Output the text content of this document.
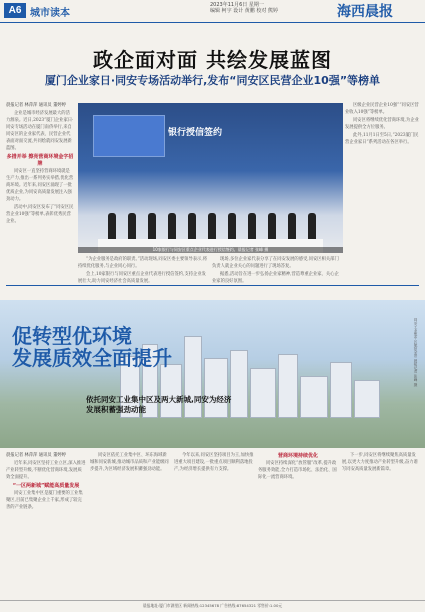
A6 城市读本
2023年11月6日 星期一
编辑 柯宇 设计 黄鹏 校对 熊婷	海西晨报
政企面对面 共绘发展蓝图
厦门企业家日·同安专场活动举行,发布“同安区民营企业10强”等榜单

晨报记者 林萍萍 通讯员 董婷婷

企业是城市经济发展最大的活力源泉。近日,2023“厦门企业家日·同安专场活动在厦门南侨举行,来自同安区的企业家代表、民营企业代表面对面交流,共同绘就同安发展新蓝图。

多措并举 擦亮营商环境金字招牌

同安区一直坚持营商环境就是生产力,推出一系列务实举措,优化营商环境。近年来,同安区涌现了一批优质企业,为同安高质量发展注入强劲动力。

活动中,同安区发布了“同安区民营企业10强”等榜单,表彰优秀民营企业。

银行授信签约
10家银行与同安区重点企业代表进行授信签约。晨报记者 张峰 摄

区级企业民营企业10强”“同安区营业收入10强”等榜单。

同安区将继续优化营商环境,为企业发展提供全方位服务。

此外,11月1日至5日,“2023厦门民营企业家日”系列活动在各区举行。

“为企业服务是政府的职责。”活动现场,同安区委主要领导表示,将持续优化服务,与企业同心同行。

会上,10家银行与同安区重点企业代表进行授信签约,支持企业发展壮大,助力同安经济社会高质量发展。

现场,多位企业家代表分享了在同安发展的感受,同安区相关部门负责人就企业关心的问题进行了现场答复。

据悉,活动旨在进一步弘扬企业家精神,营造尊重企业家、关心企业家的良好氛围。

促转型优环境
发展质效全面提升
依托同安工业集中区及两大新城,同安为经济发展积蓄强劲动能
同安工业集中区航拍全景 晨报记者 张峰 摄

晨报记者 林萍萍 通讯员 董婷婷

近年来,同安区坚持工业立区,深入推进产业转型升级,不断优化营商环境,发展质效全面提升。

“一区两新城”赋能高质量发展

同安工业集中区是厦门重要的工业集聚区,目前已集聚企业上千家,形成了较完善的产业链条。

同安区依托工业集中区、环东海域新城和同安新城,推动城市品质和产业能级同步提升,为区域经济发展积蓄强劲动能。

今年以来,同安区坚持项目为王,加快推进重大项目建设,一批重点项目顺利落地投产,为经济增长提供有力支撑。

营商环境持续优化

同安区持续深化“放管服”改革,提升政务服务效能,全力打造市场化、法治化、国际化一流营商环境。

下一步,同安区将继续聚焦高质量发展,以更大力度推动产业转型升级,奋力谱写同安高质量发展新篇章。

晨报地址:厦门市湖里区 新闻热线:12345678 广告热线:87654321 零售价:1.00元
